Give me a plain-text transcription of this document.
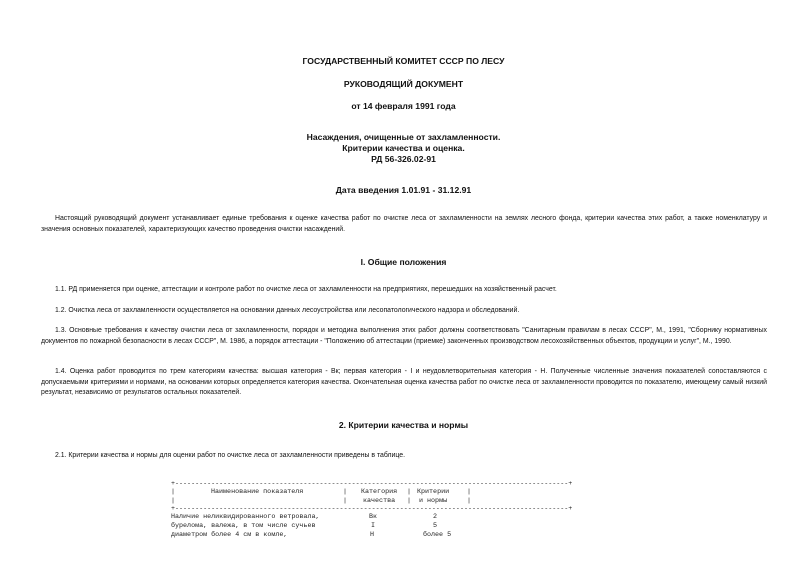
ГОСУДАРСТВЕННЫЙ КОМИТЕТ СССР ПО ЛЕСУ
РУКОВОДЯЩИЙ ДОКУМЕНТ
от 14 февраля 1991 года
Насаждения, очищенные от захламленности.
Критерии качества и оценка.
РД 56-326.02-91
Дата введения 1.01.91 - 31.12.91
Настоящий руководящий документ устанавливает единые требования к оценке качества работ по очистке леса от захламленности на землях лесного фонда, критерии качества этих работ, а также номенклатуру и значения основных показателей, характеризующих качество проведения очистки насаждений.
I. Общие положения
1.1. РД применяется при оценке, аттестации и контроле работ по очистке леса от захламленности на предприятиях, перешедших на хозяйственный расчет.
1.2. Очистка леса от захламленности осуществляется на основании данных лесоустройства или лесопатологического надзора и обследований.
1.3. Основные требования к качеству очистки леса от захламленности, порядок и методика выполнения этих работ должны соответствовать "Санитарным правилам в лесах СССР", М., 1991, "Сборнику нормативных документов по пожарной безопасности в лесах СССР", М. 1986, а порядок аттестации - "Положению об аттестации (приемке) законченных производством лесохозяйственных объектов, продукции и услуг", М., 1990.
1.4. Оценка работ проводится по трем категориям качества: высшая категория - Вк; первая категория - I и неудовлетворительная категория - Н. Полученные численные значения показателей сопоставляются с допускаемыми критериями и нормами, на основании которых определяется категория качества. Окончательная оценка качества работ по очистке леса от захламленности проводится по показателю, имеющему самый низкий результат, независимо от результатов остальных показателей.
2. Критерии качества и нормы
2.1. Критерии качества и нормы для оценки работ по очистке леса от захламленности приведены в таблице.
+--------------------------------------------------------------------------------------------------+
|	Наименование показателя	| Категория | Критерии	|
|	| качества | и нормы	|
+--------------------------------------------------------------------------------------------------+
Наличие неликвидированного ветровала,	Вк	2
бурелома, валежа, в том числе сучьев	I	5
диаметром более 4 см в комле,	Н	более 5
